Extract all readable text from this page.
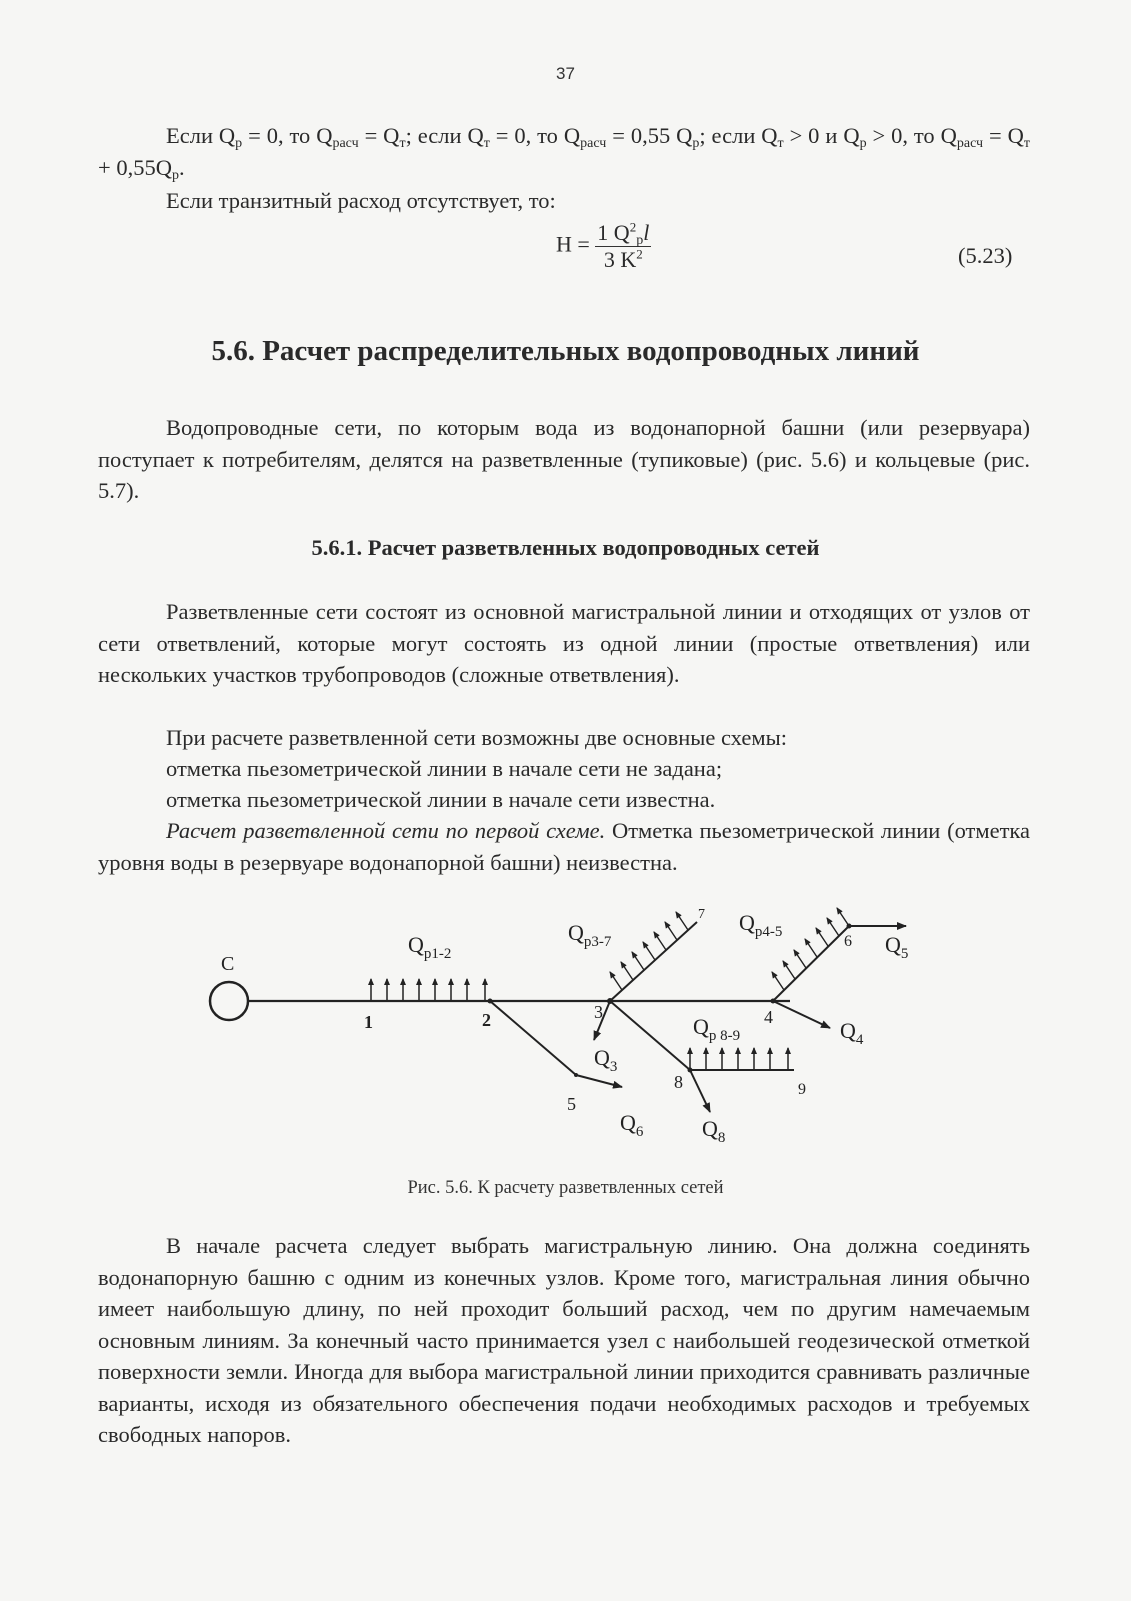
37

Если $Q_р = 0$, то $Q_{расч} = Q_т$; если $Q_т = 0$, то $Q_{расч} = 0,55$ $Q_р$; если $Q_т > 0$ и $Q_р > 0$, то $Q_{расч} = Q_т + 0,55Q_р$.

Если транзитный расход отсутствует, то:

$H = \frac{1 Q^2_рl}{3 K^2}$	(5.23)
5.6. Расчет распределительных водопроводных линий

Водопроводные сети, по которым вода из водонапорной башни (или резервуара) поступает к потребителям, делятся на разветвленные (тупиковые) (рис. 5.6) и кольцевые (рис. 5.7).

5.6.1. Расчет разветвленных водопроводных сетей

Разветвленные сети состоят из основной магистральной линии и отходящих от узлов от сети ответвлений, которые могут состоять из одной линии (простые ответвления) или нескольких участков трубопроводов (сложные ответвления).

При расчете разветвленной сети возможны две основные схемы:

отметка пьезометрической линии в начале сети не задана;

отметка пьезометрической линии в начале сети известна.

Расчет разветвленной сети по первой схеме. Отметка пьезометрической линии (отметка уровня воды в резервуаре водонапорной башни) неизвестна.

С
$Q_{р1-2}$
1	2	3	4
5
$Q_6$
7
$Q_{р3-7}$
$Q_3$
$Q_{р 8-9}$
8	9
$Q_8$
$Q_4$
$Q_{р4-5}$
6 $Q_5$
Рис. 5.6. К расчету разветвленных сетей

В начале расчета следует выбрать магистральную линию. Она должна соединять водонапорную башню с одним из конечных узлов. Кроме того, магистральная линия обычно имеет наибольшую длину, по ней проходит больший расход, чем по другим намечаемым основным линиям. За конечный часто принимается узел с наибольшей геодезической отметкой поверхности земли. Иногда для выбора магистральной линии приходится сравнивать различные варианты, исходя из обязательного обеспечения подачи необходимых расходов и требуемых свободных напоров.
